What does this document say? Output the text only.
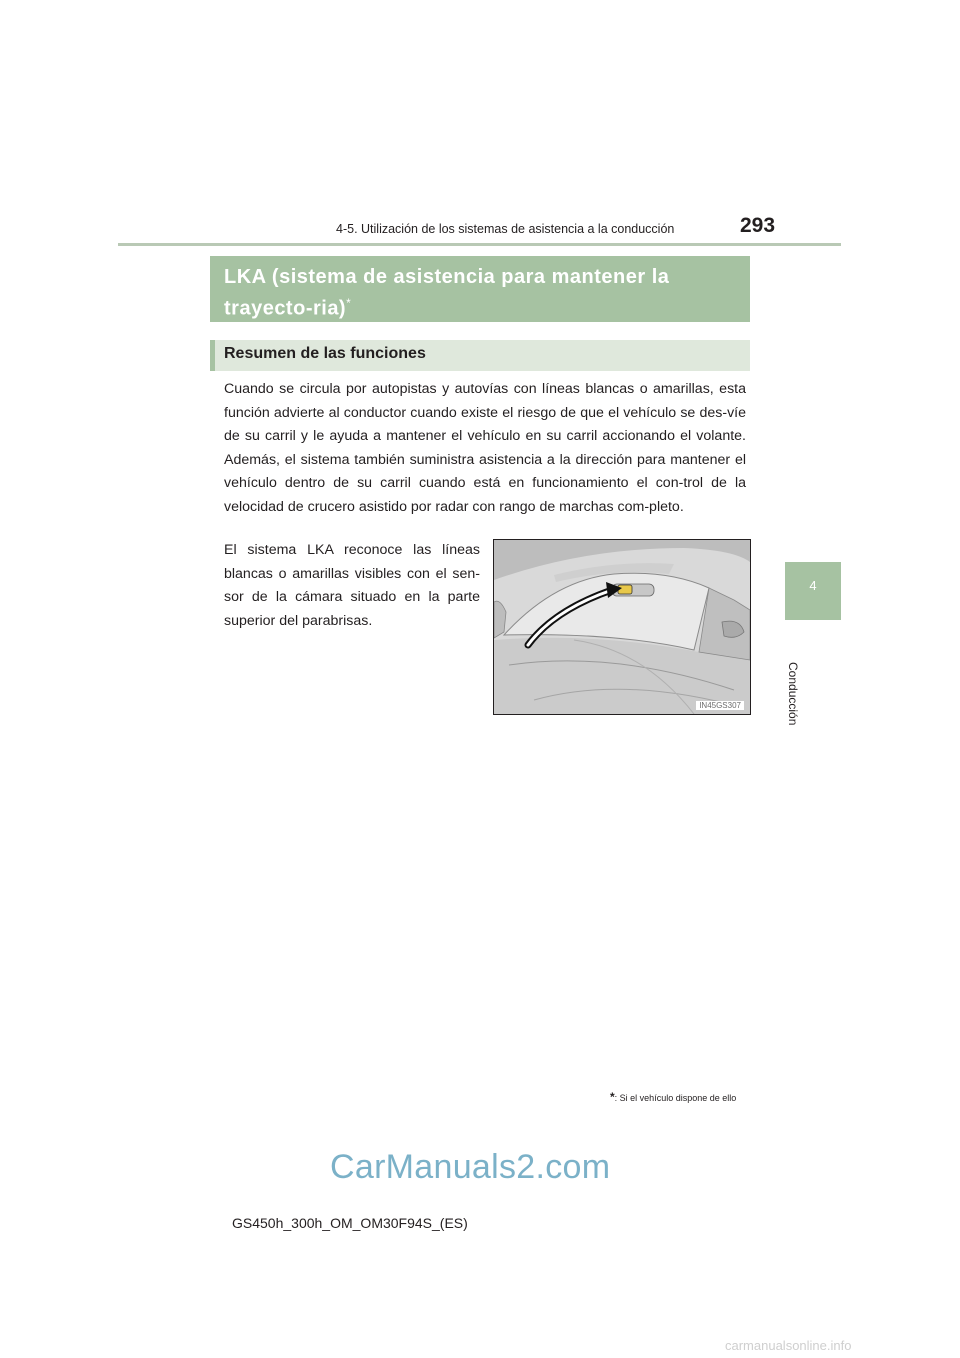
4-5. Utilización de los sistemas de asistencia a la conducción	293
4
Conducción
LKA (sistema de asistencia para mantener la trayecto-ria)*
Resumen de las funciones
Cuando se circula por autopistas y autovías con líneas blancas o amarillas, esta función advierte al conductor cuando existe el riesgo de que el vehículo se des-víe de su carril y le ayuda a mantener el vehículo en su carril accionando el volante. Además, el sistema también suministra asistencia a la dirección para mantener el vehículo dentro de su carril cuando está en funcionamiento el con-trol de la velocidad de crucero asistido por radar con rango de marchas com-pleto.
El sistema LKA reconoce las líneas blancas o amarillas visibles con el sen-sor de la cámara situado en la parte superior del parabrisas.
IN45GS307
*: Si el vehículo dispone de ello
CarManuals2.com
GS450h_300h_OM_OM30F94S_(ES)
carmanualsonline.info
